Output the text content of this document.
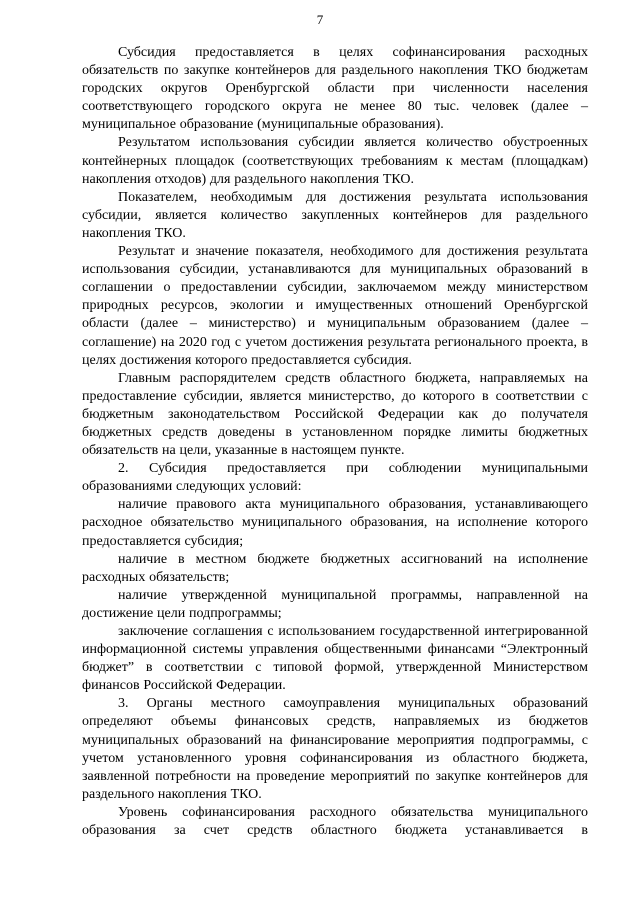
7

Субсидия предоставляется в целях софинансирования расходных обязательств по закупке контейнеров для раздельного накопления ТКО бюджетам городских округов Оренбургской области при численности населения соответствующего городского округа не менее 80 тыс. человек (далее – муниципальное образование (муниципальные образования).

Результатом использования субсидии является количество обустроенных контейнерных площадок (соответствующих требованиям к местам (площадкам) накопления отходов) для раздельного накопления ТКО.

Показателем, необходимым для достижения результата использования субсидии, является количество закупленных контейнеров для раздельного накопления ТКО.

Результат и значение показателя, необходимого для достижения результата использования субсидии, устанавливаются для муниципальных образований в соглашении о предоставлении субсидии, заключаемом между министерством природных ресурсов, экологии и имущественных отношений Оренбургской области (далее – министерство) и муниципальным образованием (далее – соглашение) на 2020 год с учетом достижения результата регионального проекта, в целях достижения которого предоставляется субсидия.

Главным распорядителем средств областного бюджета, направляемых на предоставление субсидии, является министерство, до которого в соответствии с бюджетным законодательством Российской Федерации как до получателя бюджетных средств доведены в установленном порядке лимиты бюджетных обязательств на цели, указанные в настоящем пункте.

2. Субсидия предоставляется при соблюдении муниципальными образованиями следующих условий:

наличие правового акта муниципального образования, устанавливающего расходное обязательство муниципального образования, на исполнение которого предоставляется субсидия;

наличие в местном бюджете бюджетных ассигнований на исполнение расходных обязательств;

наличие утвержденной муниципальной программы, направленной на достижение цели подпрограммы;

заключение соглашения с использованием государственной интегрированной информационной системы управления общественными финансами “Электронный бюджет” в соответствии с типовой формой, утвержденной Министерством финансов Российской Федерации.

3. Органы местного самоуправления муниципальных образований определяют объемы финансовых средств, направляемых из бюджетов муниципальных образований на финансирование мероприятия подпрограммы, с учетом установленного уровня софинансирования из областного бюджета, заявленной потребности на проведение мероприятий по закупке контейнеров для раздельного накопления ТКО.

Уровень софинансирования расходного обязательства муниципального образования за счет средств областного бюджета устанавливается в
